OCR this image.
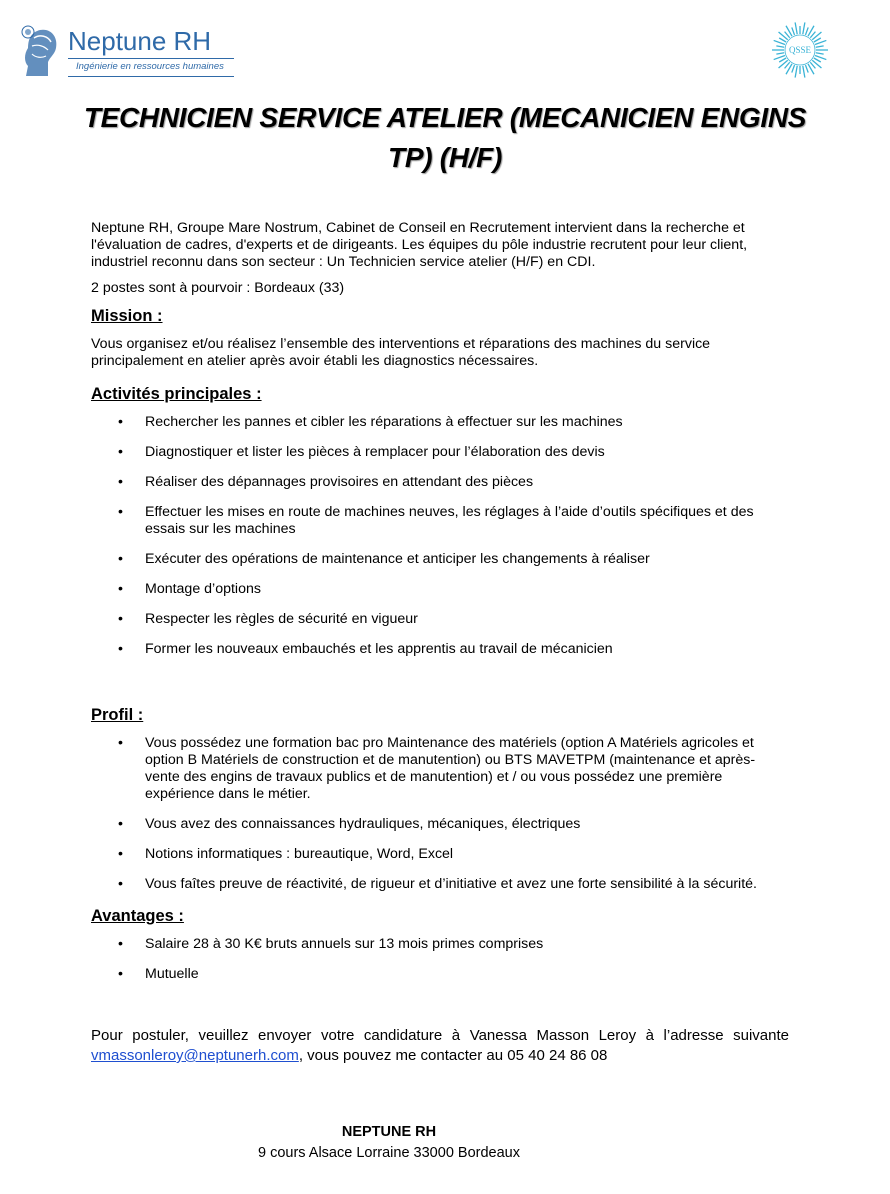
Neptune RH
Ingénierie en ressources humaines
QSSE
TECHNICIEN SERVICE ATELIER (MECANICIEN ENGINS TP) (H/F)

Neptune RH, Groupe Mare Nostrum, Cabinet de Conseil en Recrutement intervient dans la recherche et l'évaluation de cadres, d'experts et de dirigeants. Les équipes du pôle industrie recrutent pour leur client, industriel reconnu dans son secteur : Un Technicien service atelier (H/F) en CDI.

2 postes sont à pourvoir : Bordeaux (33)

Mission :

Vous organisez et/ou réalisez l’ensemble des interventions et réparations des machines du service principalement en atelier après avoir établi les diagnostics nécessaires.

Activités principales :
• Rechercher les pannes et cibler les réparations à effectuer sur les machines
• Diagnostiquer et lister les pièces à remplacer pour l’élaboration des devis
• Réaliser des dépannages provisoires en attendant des pièces
• Effectuer les mises en route de machines neuves, les réglages à l’aide d’outils spécifiques et des essais sur les machines
• Exécuter des opérations de maintenance et anticiper les changements à réaliser
• Montage d’options
• Respecter les règles de sécurité en vigueur
• Former les nouveaux embauchés et les apprentis au travail de mécanicien
Profil :
• Vous possédez une formation bac pro Maintenance des matériels (option A Matériels agricoles et option B Matériels de construction et de manutention) ou BTS MAVETPM (maintenance et après-vente des engins de travaux publics et de manutention) et / ou vous possédez une première expérience dans le métier.
• Vous avez des connaissances hydrauliques, mécaniques, électriques
• Notions informatiques : bureautique, Word, Excel
• Vous faîtes preuve de réactivité, de rigueur et d’initiative et avez une forte sensibilité à la sécurité.
Avantages :
• Salaire 28 à 30 K€ bruts annuels sur 13 mois primes comprises
• Mutuelle

Pour postuler, veuillez envoyer votre candidature à Vanessa Masson Leroy à l’adresse suivante vmassonleroy@neptunerh.com, vous pouvez me contacter au 05 40 24 86 08

NEPTUNE RH
9 cours Alsace Lorraine 33000 Bordeaux
